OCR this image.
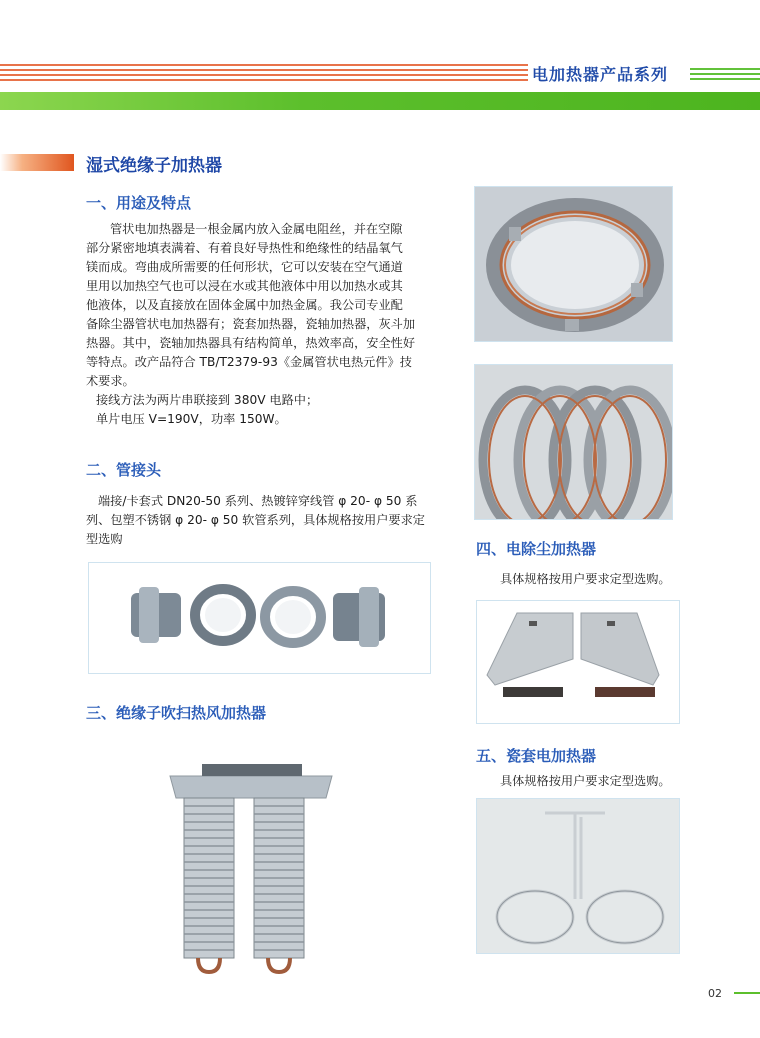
电加热器产品系列
湿式绝缘子加热器
一、用途及特点
管状电加热器是一根金属内放入金属电阻丝，并在空隙
部分紧密地填表满着、有着良好导热性和绝缘性的结晶氧气
镁而成。弯曲成所需要的任何形状，它可以安装在空气通道
里用以加热空气也可以浸在水或其他液体中用以加热水或其
他液体，以及直接放在固体金属中加热金属。我公司专业配
备除尘器管状电加热器有；瓷套加热器，瓷轴加热器，灰斗加
热器。其中，瓷轴加热器具有结构简单，热效率高，安全性好
等特点。改产品符合 TB/T2379-93《金属管状电热元件》技
术要求。
接线方法为两片串联接到 380V 电路中；
单片电压 V=190V，功率 150W。
二、管接头
端接/卡套式 DN20-50 系列、热镀锌穿线管 φ 20- φ 50 系
列、包塑不锈钢 φ 20- φ 50 软管系列，具体规格按用户要求定
型选购
三、绝缘子吹扫热风加热器
四、电除尘加热器
具体规格按用户要求定型选购。
五、瓷套电加热器
具体规格按用户要求定型选购。
02
